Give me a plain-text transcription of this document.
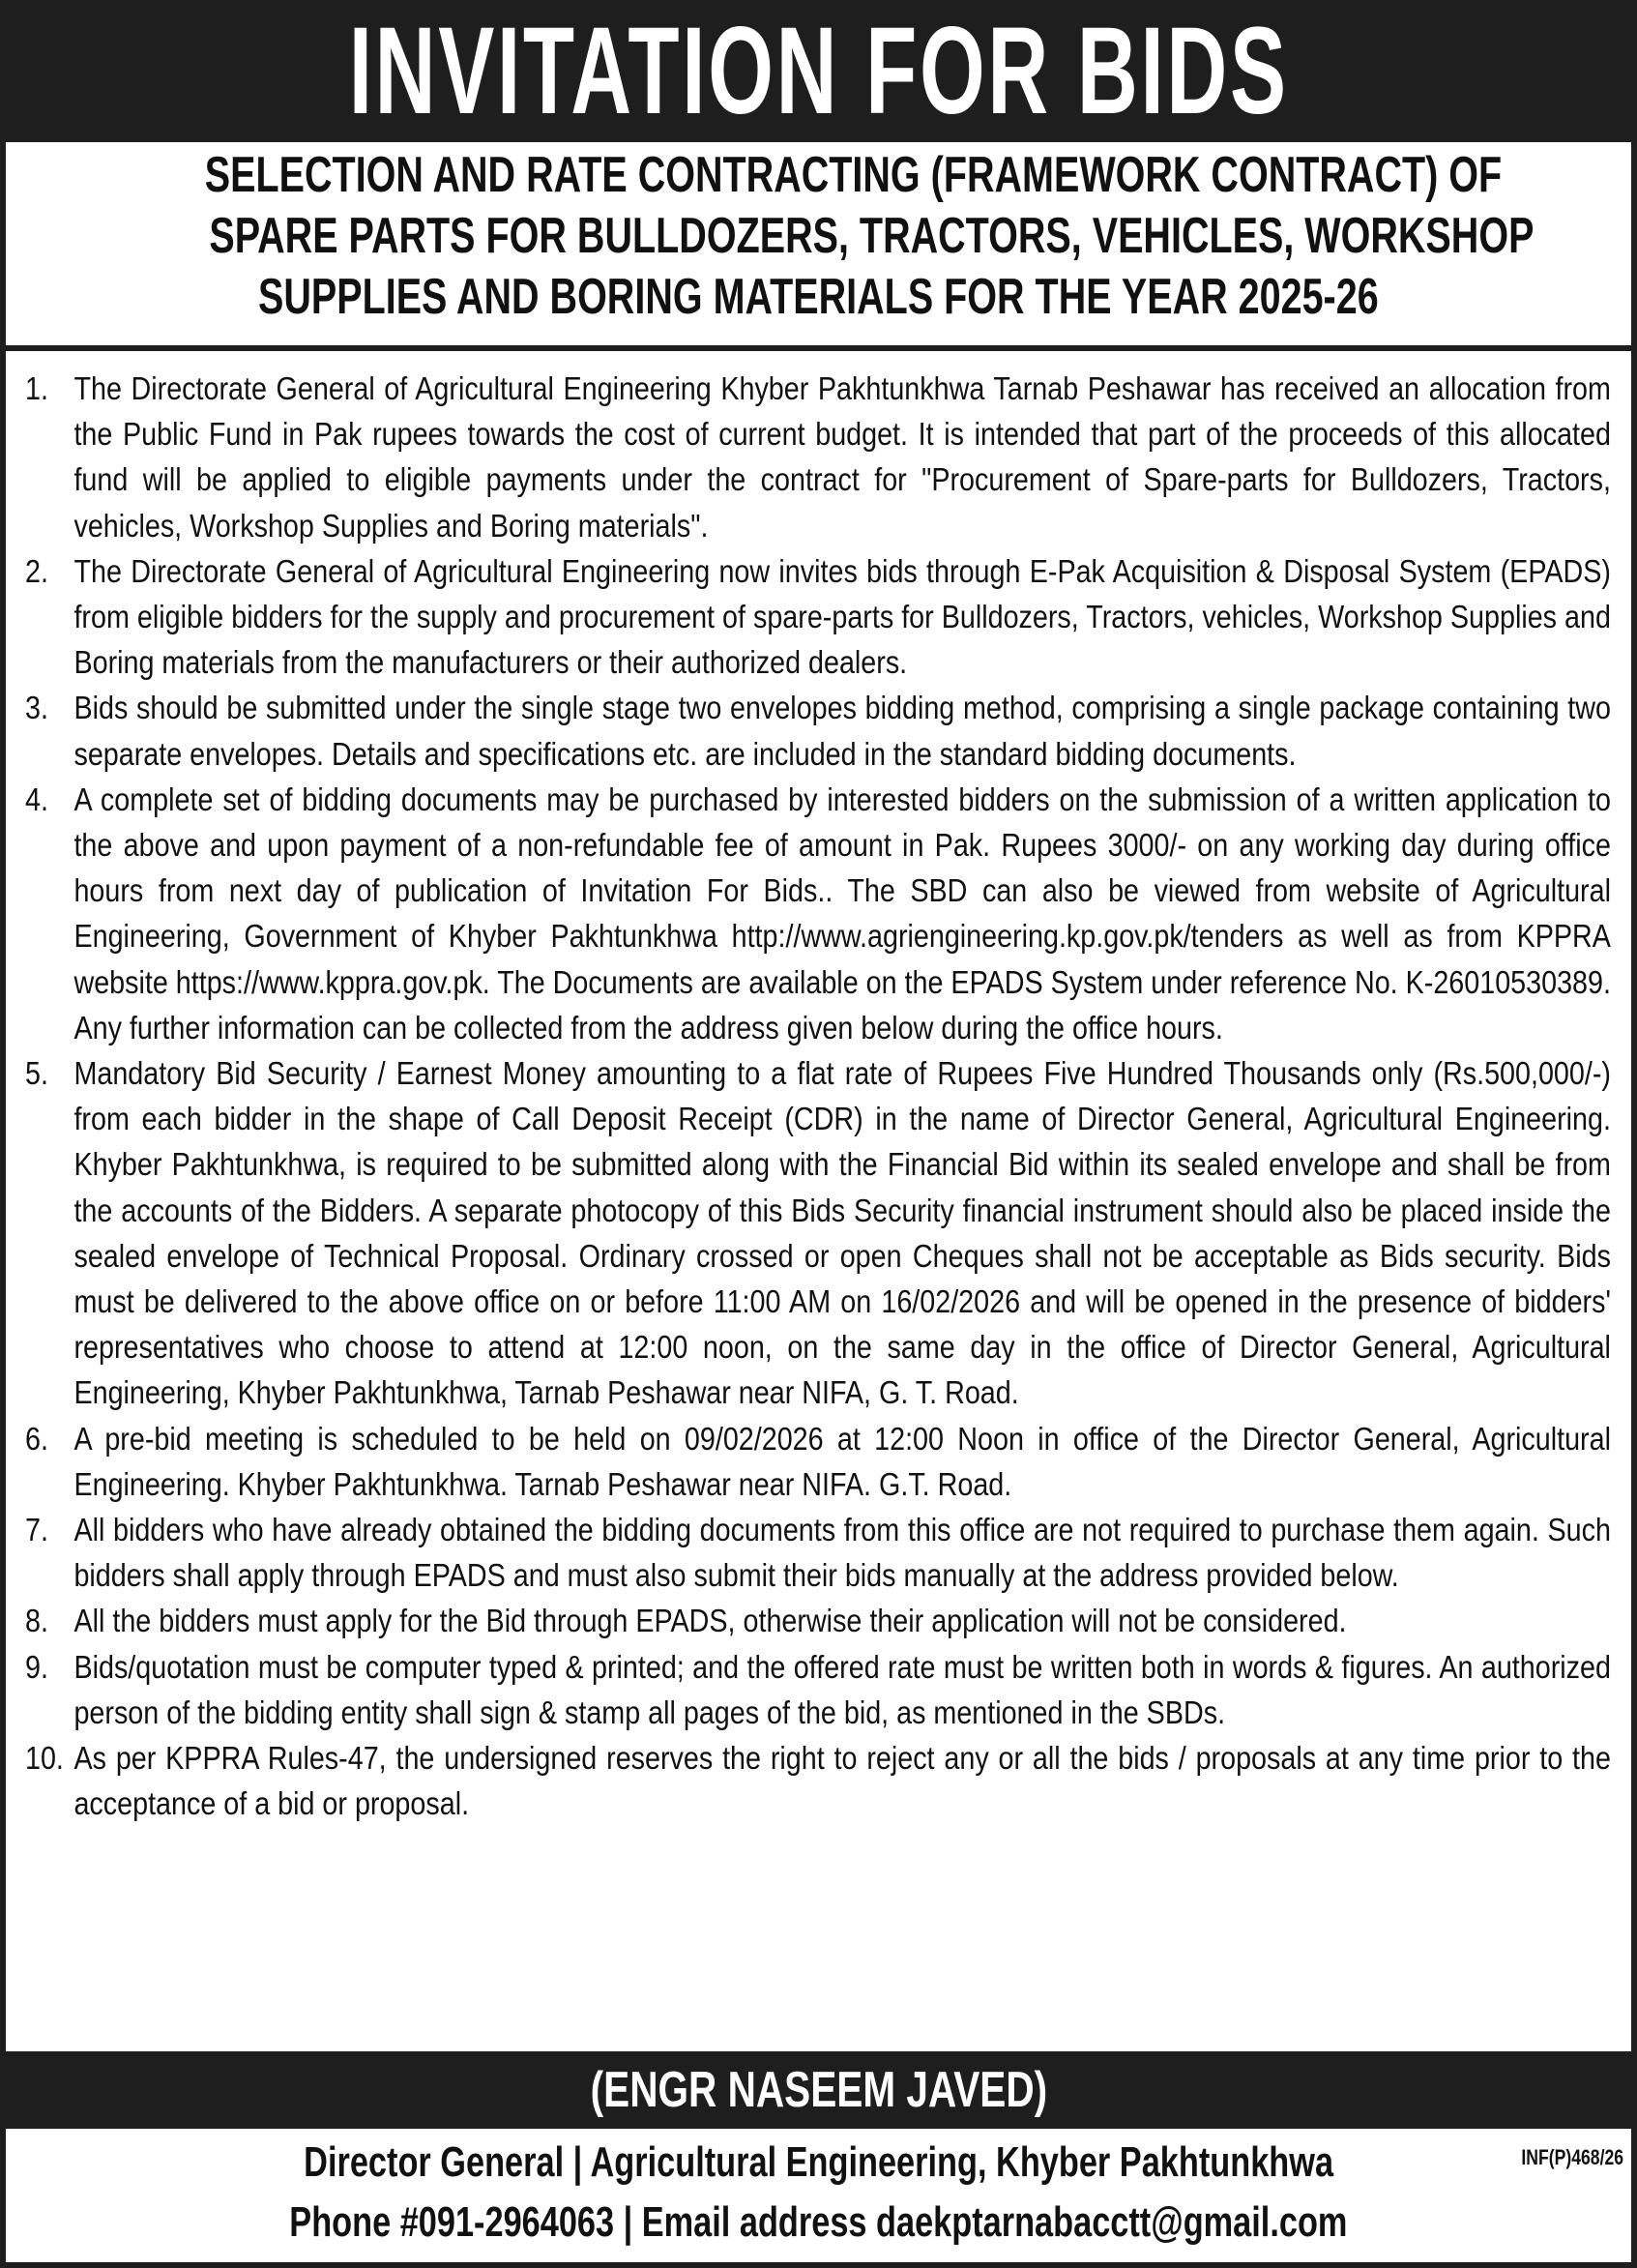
INVITATION FOR BIDS
SELECTION AND RATE CONTRACTING (FRAMEWORK CONTRACT) OF
SPARE PARTS FOR BULLDOZERS, TRACTORS, VEHICLES, WORKSHOP
SUPPLIES AND BORING MATERIALS FOR THE YEAR 2025-26
1. The Directorate General of Agricultural Engineering Khyber Pakhtunkhwa Tarnab Peshawar has received an allocation from the Public Fund in Pak rupees towards the cost of current budget. It is intended that part of the proceeds of this allocated fund will be applied to eligible payments under the contract for "Procurement of Spare-parts for Bulldozers, Tractors, vehicles, Workshop Supplies and Boring materials".
2. The Directorate General of Agricultural Engineering now invites bids through E-Pak Acquisition & Disposal System (EPADS) from eligible bidders for the supply and procurement of spare-parts for Bulldozers, Tractors, vehicles, Workshop Supplies and Boring materials from the manufacturers or their authorized dealers.
3. Bids should be submitted under the single stage two envelopes bidding method, comprising a single package containing two separate envelopes. Details and specifications etc. are included in the standard bidding documents.
4. A complete set of bidding documents may be purchased by interested bidders on the submission of a written application to the above and upon payment of a non-refundable fee of amount in Pak. Rupees 3000/- on any working day during office hours from next day of publication of Invitation For Bids.. The SBD can also be viewed from website of Agricultural Engineering, Government of Khyber Pakhtunkhwa http://www.agriengineering.kp.gov.pk/tenders as well as from KPPRA website https://www.kppra.gov.pk. The Documents are available on the EPADS System under reference No. K-26010530389. Any further information can be collected from the address given below during the office hours.
5. Mandatory Bid Security / Earnest Money amounting to a flat rate of Rupees Five Hundred Thousands only (Rs.500,000/-) from each bidder in the shape of Call Deposit Receipt (CDR) in the name of Director General, Agricultural Engineering. Khyber Pakhtunkhwa, is required to be submitted along with the Financial Bid within its sealed envelope and shall be from the accounts of the Bidders. A separate photocopy of this Bids Security financial instrument should also be placed inside the sealed envelope of Technical Proposal. Ordinary crossed or open Cheques shall not be acceptable as Bids security. Bids must be delivered to the above office on or before 11:00 AM on 16/02/2026 and will be opened in the presence of bidders' representatives who choose to attend at 12:00 noon, on the same day in the office of Director General, Agricultural Engineering, Khyber Pakhtunkhwa, Tarnab Peshawar near NIFA, G. T. Road.
6. A pre-bid meeting is scheduled to be held on 09/02/2026 at 12:00 Noon in office of the Director General, Agricultural Engineering. Khyber Pakhtunkhwa. Tarnab Peshawar near NIFA. G.T. Road.
7. All bidders who have already obtained the bidding documents from this office are not required to purchase them again. Such bidders shall apply through EPADS and must also submit their bids manually at the address provided below.
8. All the bidders must apply for the Bid through EPADS, otherwise their application will not be considered.
9. Bids/quotation must be computer typed & printed; and the offered rate must be written both in words & figures. An authorized person of the bidding entity shall sign & stamp all pages of the bid, as mentioned in the SBDs.
10. As per KPPRA Rules-47, the undersigned reserves the right to reject any or all the bids / proposals at any time prior to the acceptance of a bid or proposal.
(ENGR NASEEM JAVED)
Director General | Agricultural Engineering, Khyber Pakhtunkhwa
Phone #091-2964063 | Email address daekptarnabacctt@gmail.com
INF(P)468/26
